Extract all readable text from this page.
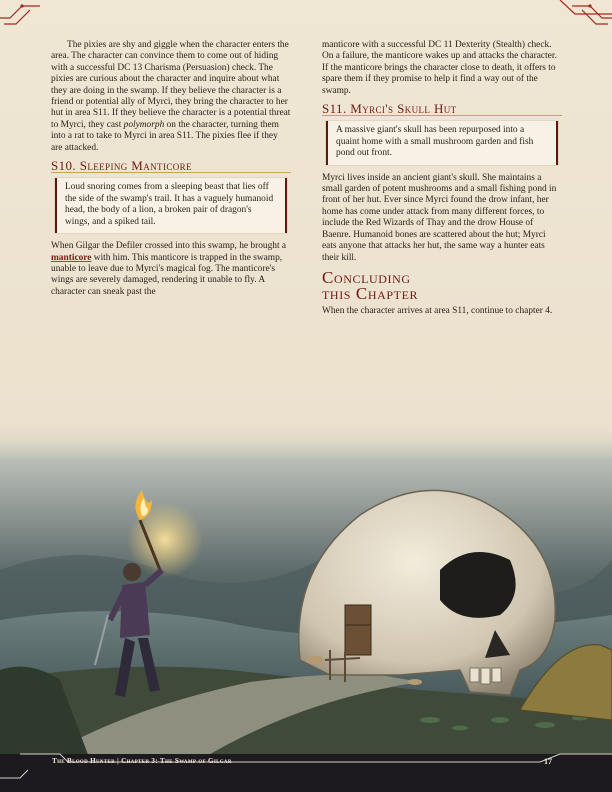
The pixies are shy and giggle when the character enters the area. The character can convince them to come out of hiding with a successful DC 13 Charisma (Persuasion) check. The pixies are curious about the character and inquire about what they are doing in the swamp. If they believe the character is a friend or potential ally of Myrci, they bring the character to her hut in area S11. If they believe the character is a potential threat to Myrci, they cast polymorph on the character, turning them into a rat to take to Myrci in area S11. The pixies flee if they are attacked.

S10. Sleeping Manticore

Loud snoring comes from a sleeping beast that lies off the side of the swamp's trail. It has a vaguely humanoid head, the body of a lion, a broken pair of dragon's wings, and a spiked tail.

When Gilgar the Defiler crossed into this swamp, he brought a manticore with him. This manticore is trapped in the swamp, unable to leave due to Myrci's magical fog. The manticore's wings are severely damaged, rendering it unable to fly. A character can sneak past the

manticore with a successful DC 11 Dexterity (Stealth) check. On a failure, the manticore wakes up and attacks the character. If the manticore brings the character close to death, it offers to spare them if they promise to help it find a way out of the swamp.

S11. Myrci's Skull Hut

A massive giant's skull has been repurposed into a quaint home with a small mushroom garden and fish pond out front.

Myrci lives inside an ancient giant's skull. She maintains a small garden of potent mushrooms and a small fishing pond in front of her hut. Ever since Myrci found the drow infant, her home has come under attack from many different forces, to include the Red Wizards of Thay and the drow House of Baenre. Humanoid bones are scattered about the hut; Myrci eats anyone that attacks her hut, the same way a hunter eats their kill.

Concluding
this Chapter

When the character arrives at area S11, continue to chapter 4.

The Blood Hunter | Chapter 3: The Swamp of Gilgar	17
